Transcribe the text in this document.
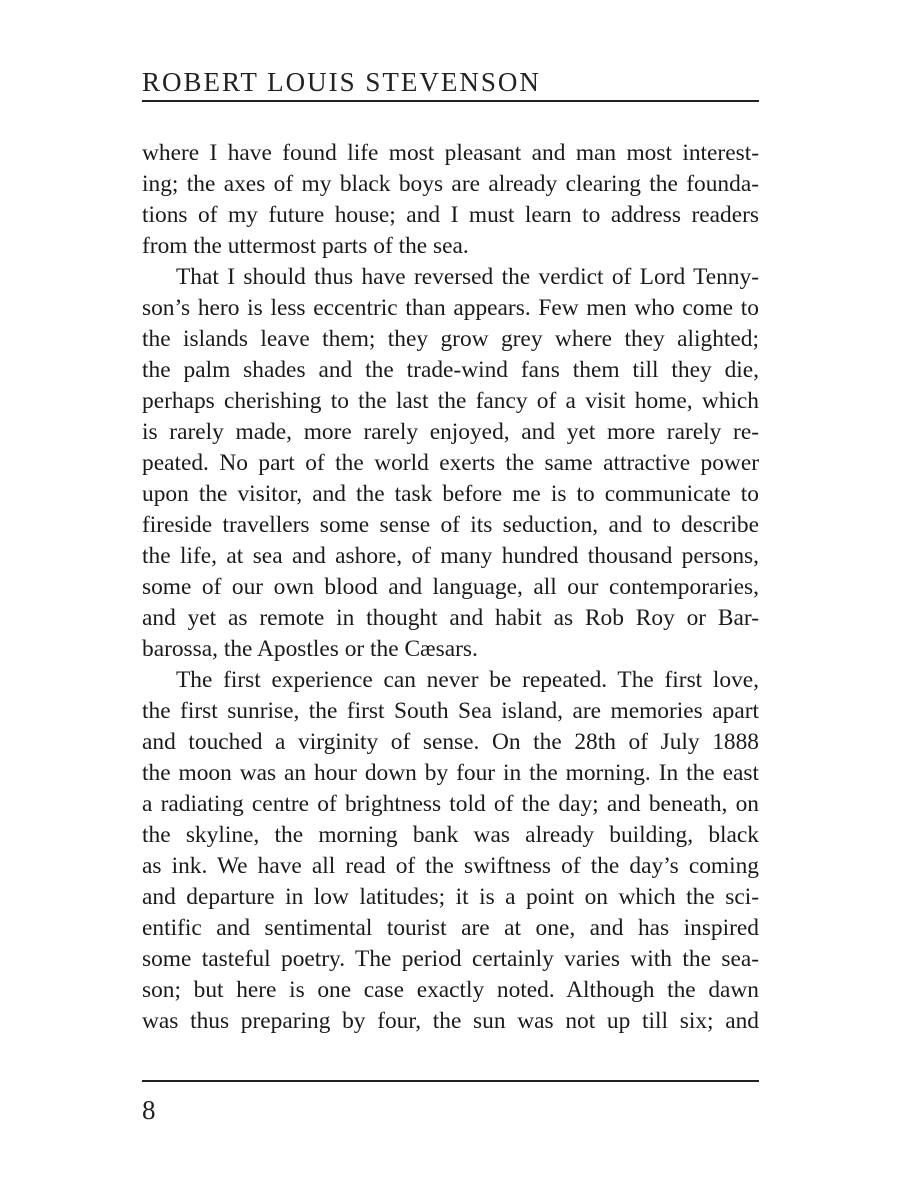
ROBERT LOUIS STEVENSON
where I have found life most pleasant and man most interest-
ing; the axes of my black boys are already clearing the founda-
tions of my future house; and I must learn to address readers
from the uttermost parts of the sea.
That I should thus have reversed the verdict of Lord Tenny-
son’s hero is less eccentric than appears. Few men who come to
the islands leave them; they grow grey where they alighted;
the palm shades and the trade-wind fans them till they die,
perhaps cherishing to the last the fancy of a visit home, which
is rarely made, more rarely enjoyed, and yet more rarely re-
peated. No part of the world exerts the same attractive power
upon the visitor, and the task before me is to communicate to
fireside travellers some sense of its seduction, and to describe
the life, at sea and ashore, of many hundred thousand persons,
some of our own blood and language, all our contemporaries,
and yet as remote in thought and habit as Rob Roy or Bar-
barossa, the Apostles or the Cæsars.
The first experience can never be repeated. The first love,
the first sunrise, the first South Sea island, are memories apart
and touched a virginity of sense. On the 28th of July 1888
the moon was an hour down by four in the morning. In the east
a radiating centre of brightness told of the day; and beneath, on
the skyline, the morning bank was already building, black
as ink. We have all read of the swiftness of the day’s coming
and departure in low latitudes; it is a point on which the sci-
entific and sentimental tourist are at one, and has inspired
some tasteful poetry. The period certainly varies with the sea-
son; but here is one case exactly noted. Although the dawn
was thus preparing by four, the sun was not up till six; and
8
